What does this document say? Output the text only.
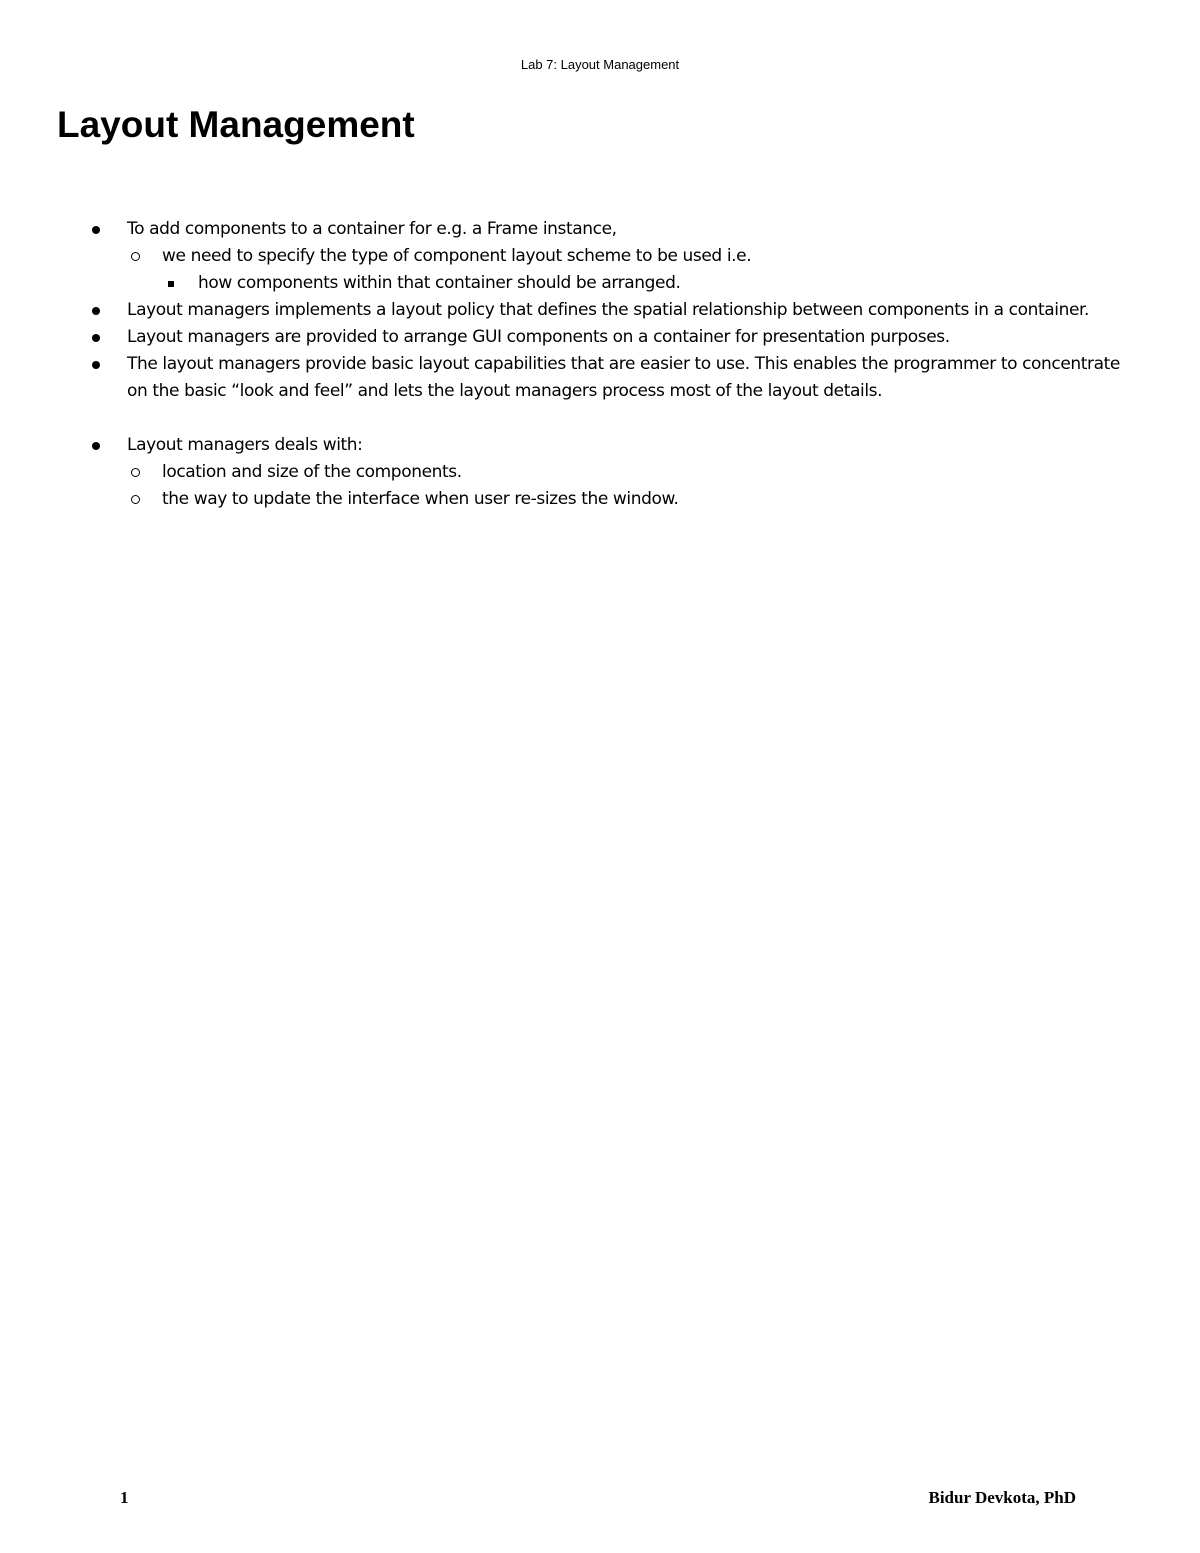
Lab 7: Layout Management
Layout Management
To add components to a container for e.g. a Frame instance,
we need to specify the type of component layout scheme to be used i.e.
how components within that container should be arranged.
Layout managers implements a layout policy that defines the spatial relationship between components in a container.
Layout managers are provided to arrange GUI components on a container for presentation purposes.
The layout managers provide basic layout capabilities that are easier to use. This enables the programmer to concentrate on the basic “look and feel” and lets the layout managers process most of the layout details.
Layout managers deals with:
location and size of the components.
the way to update the interface when user re-sizes the window.
1	Bidur Devkota, PhD
